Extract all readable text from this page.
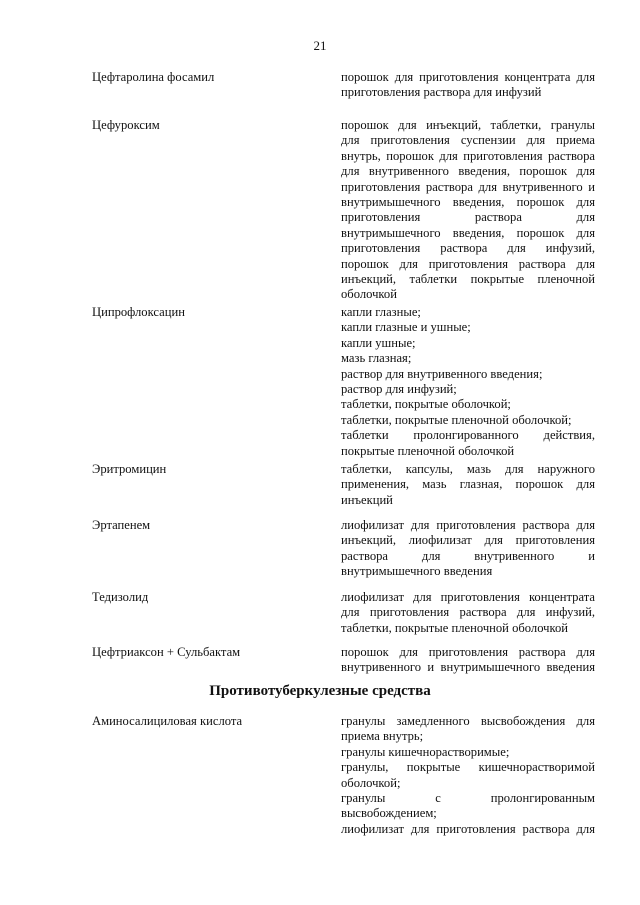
21
Цефтаролина фосамил	порошок для приготовления концентрата для
приготовления раствора для инфузий
Цефуроксим	порошок для инъекций, таблетки, гранулы
для приготовления суспензии для приема
внутрь, порошок для приготовления раствора
для внутривенного введения, порошок для
приготовления раствора для внутривенного и
внутримышечного введения, порошок для
приготовления раствора для
внутримышечного введения, порошок для
приготовления раствора для инфузий,
порошок для приготовления раствора для
инъекций, таблетки покрытые пленочной
оболочкой
Ципрофлоксацин	капли глазные;
капли глазные и ушные;
капли ушные;
мазь глазная;
раствор для внутривенного введения;
раствор для инфузий;
таблетки, покрытые оболочкой;
таблетки, покрытые пленочной оболочкой;
таблетки пролонгированного действия,
покрытые пленочной оболочкой
Эритромицин	таблетки, капсулы, мазь для наружного
применения, мазь глазная, порошок для
инъекций
Эртапенем	лиофилизат для приготовления раствора для
инъекций, лиофилизат для приготовления
раствора для внутривенного и
внутримышечного введения
Тедизолид	лиофилизат для приготовления концентрата
для приготовления раствора для инфузий,
таблетки, покрытые пленочной оболочкой
Цефтриаксон + Сульбактам	порошок для приготовления раствора для
внутривенного и внутримышечного введения
Противотуберкулезные средства
Аминосалициловая кислота	гранулы замедленного высвобождения для
приема внутрь;
гранулы кишечнорастворимые;
гранулы, покрытые кишечнорастворимой
оболочкой;
гранулы с пролонгированным
высвобождением;
лиофилизат для приготовления раствора для
